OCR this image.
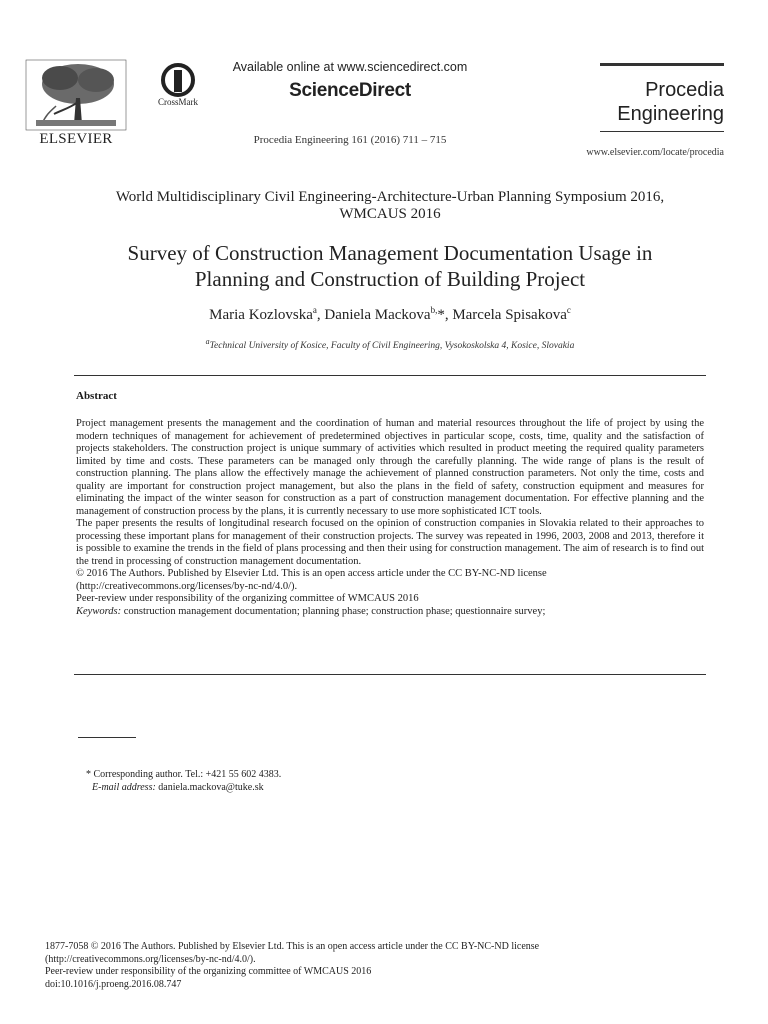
ELSEVIER
CrossMark
Available online at www.sciencedirect.com
ScienceDirect
Procedia Engineering 161 (2016) 711 – 715
Procedia
Engineering
www.elsevier.com/locate/procedia
World Multidisciplinary Civil Engineering-Architecture-Urban Planning Symposium 2016,
WMCAUS 2016
Survey of Construction Management Documentation Usage in
Planning and Construction of Building Project
Maria Kozlovska$^a$, Daniela Mackova$^{b,}$*, Marcela Spisakova$^c$
$^a$Technical University of Kosice, Faculty of Civil Engineering, Vysokoskolska 4, Kosice, Slovakia
Abstract

Project management presents the management and the coordination of human and material resources throughout the life of project by using the modern techniques of management for achievement of predetermined objectives in particular scope, costs, time, quality and the satisfaction of projects stakeholders. The construction project is unique summary of activities which resulted in product meeting the required quality parameters limited by time and costs. These parameters can be managed only through the carefully planning. The wide range of plans is the result of construction planning. The plans allow the effectively manage the achievement of planned construction parameters. Not only the time, costs and quality are important for construction project management, but also the plans in the field of safety, construction equipment and measures for eliminating the impact of the winter season for construction as a part of construction management documentation. For effective planning and the management of construction process by the plans, it is currently necessary to use more sophisticated ICT tools.

The paper presents the results of longitudinal research focused on the opinion of construction companies in Slovakia related to their approaches to processing these important plans for management of their construction projects. The survey was repeated in 1996, 2003, 2008 and 2013, therefore it is possible to examine the trends in the field of plans processing and then their using for construction management. The aim of research is to find out the trend in processing of construction management documentation.

© 2016 The Authors. Published by Elsevier Ltd. This is an open access article under the CC BY-NC-ND license

(http://creativecommons.org/licenses/by-nc-nd/4.0/).

Peer-review under responsibility of the organizing committee of WMCAUS 2016

Keywords: construction management documentation; planning phase; construction phase; questionnaire survey;

* Corresponding author. Tel.: +421 55 602 4383.
E-mail address: daniela.mackova@tuke.sk
1877-7058 © 2016 The Authors. Published by Elsevier Ltd. This is an open access article under the CC BY-NC-ND license
(http://creativecommons.org/licenses/by-nc-nd/4.0/).
Peer-review under responsibility of the organizing committee of WMCAUS 2016
doi:10.1016/j.proeng.2016.08.747
